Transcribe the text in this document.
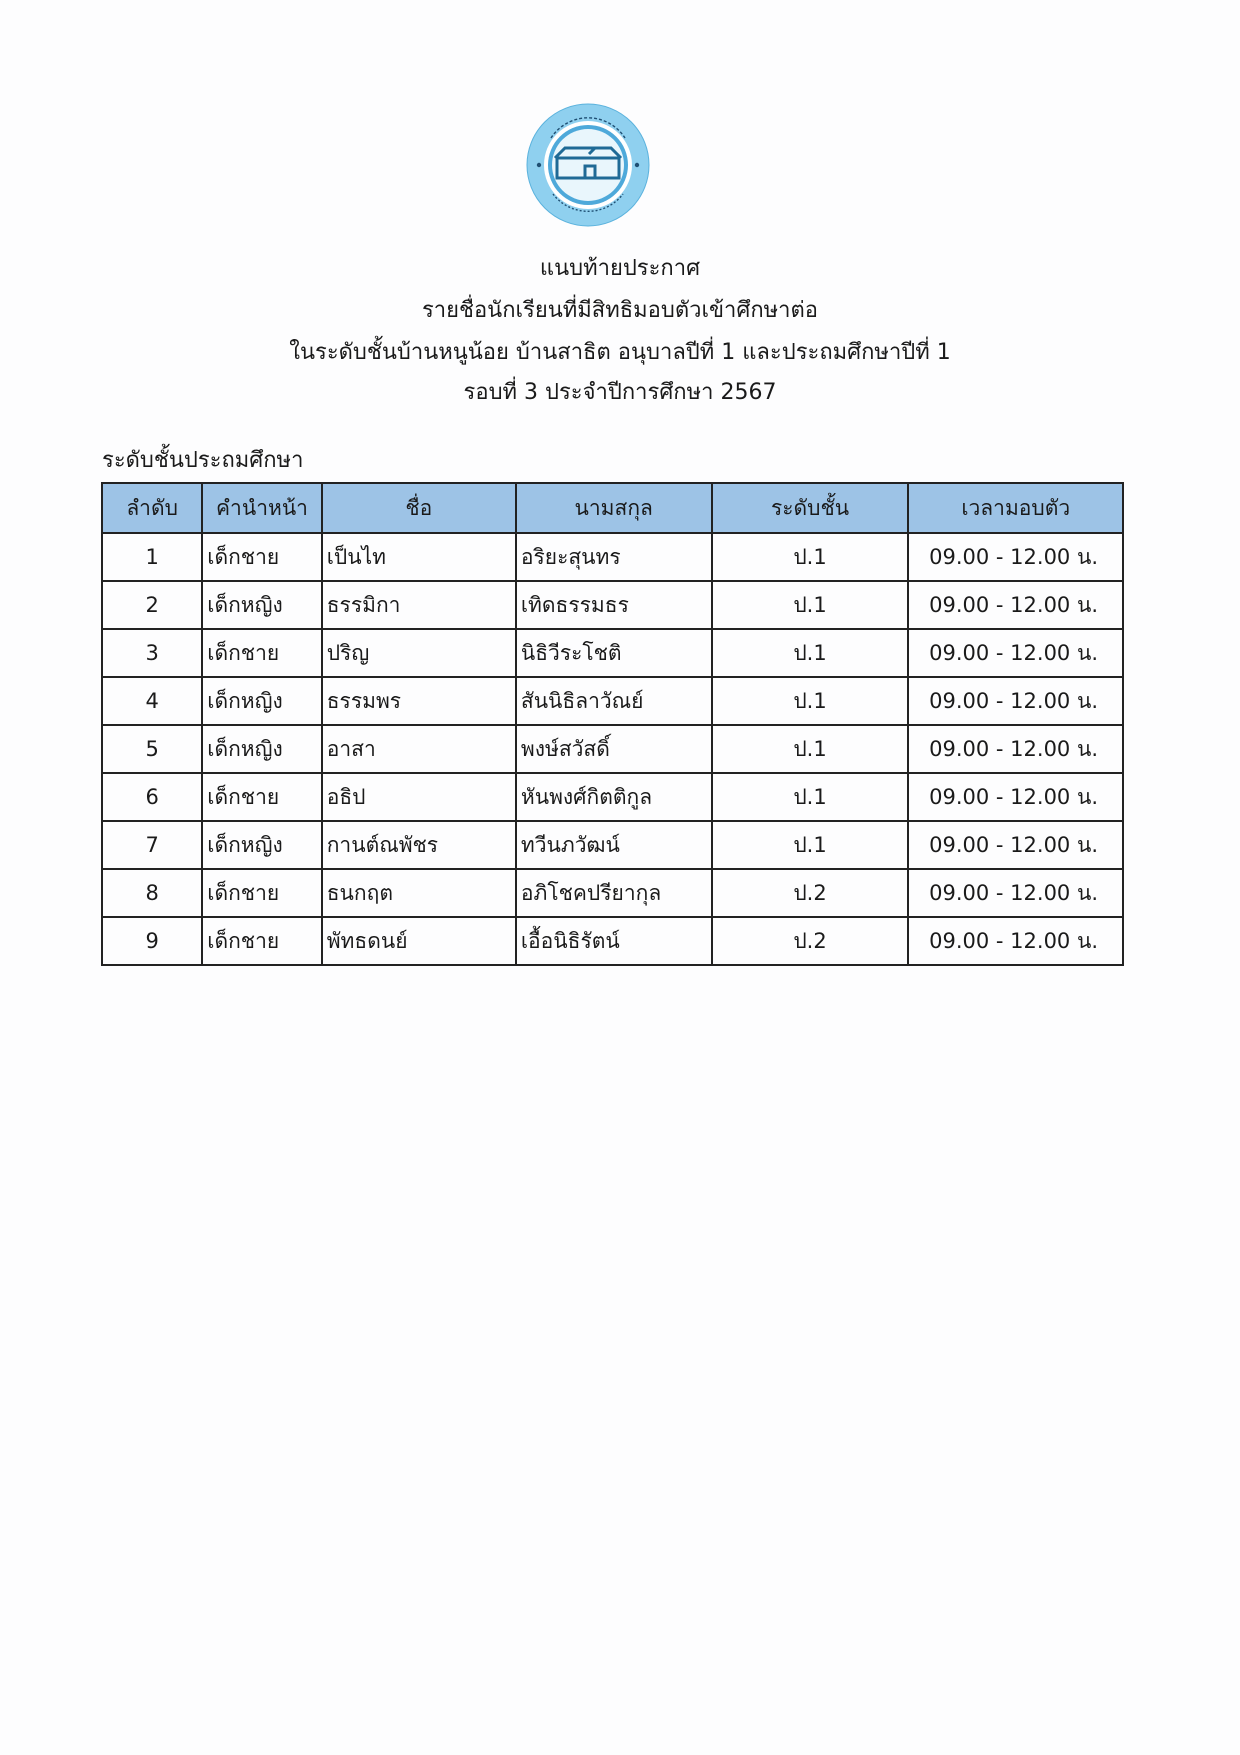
แนบท้ายประกาศ
รายชื่อนักเรียนที่มีสิทธิมอบตัวเข้าศึกษาต่อ
ในระดับชั้นบ้านหนูน้อย บ้านสาธิต อนุบาลปีที่ 1 และประถมศึกษาปีที่ 1
รอบที่ 3 ประจำปีการศึกษา 2567
ระดับชั้นประถมศึกษา
ลำดับ	คำนำหน้า	ชื่อ	นามสกุล	ระดับชั้น	เวลามอบตัว
1	เด็กชาย	เป็นไท	อริยะสุนทร	ป.1	09.00 - 12.00 น.
2	เด็กหญิง	ธรรมิกา	เทิดธรรมธร	ป.1	09.00 - 12.00 น.
3	เด็กชาย	ปริญ	นิธิวีระโชติ	ป.1	09.00 - 12.00 น.
4	เด็กหญิง	ธรรมพร	สันนิธิลาวัณย์	ป.1	09.00 - 12.00 น.
5	เด็กหญิง	อาสา	พงษ์สวัสดิ์	ป.1	09.00 - 12.00 น.
6	เด็กชาย	อธิป	หันพงศ์กิตติกูล	ป.1	09.00 - 12.00 น.
7	เด็กหญิง	กานต์ณพัชร	ทวีนภวัฒน์	ป.1	09.00 - 12.00 น.
8	เด็กชาย	ธนกฤต	อภิโชคปรียากุล	ป.2	09.00 - 12.00 น.
9	เด็กชาย	พัทธดนย์	เอื้อนิธิรัตน์	ป.2	09.00 - 12.00 น.
